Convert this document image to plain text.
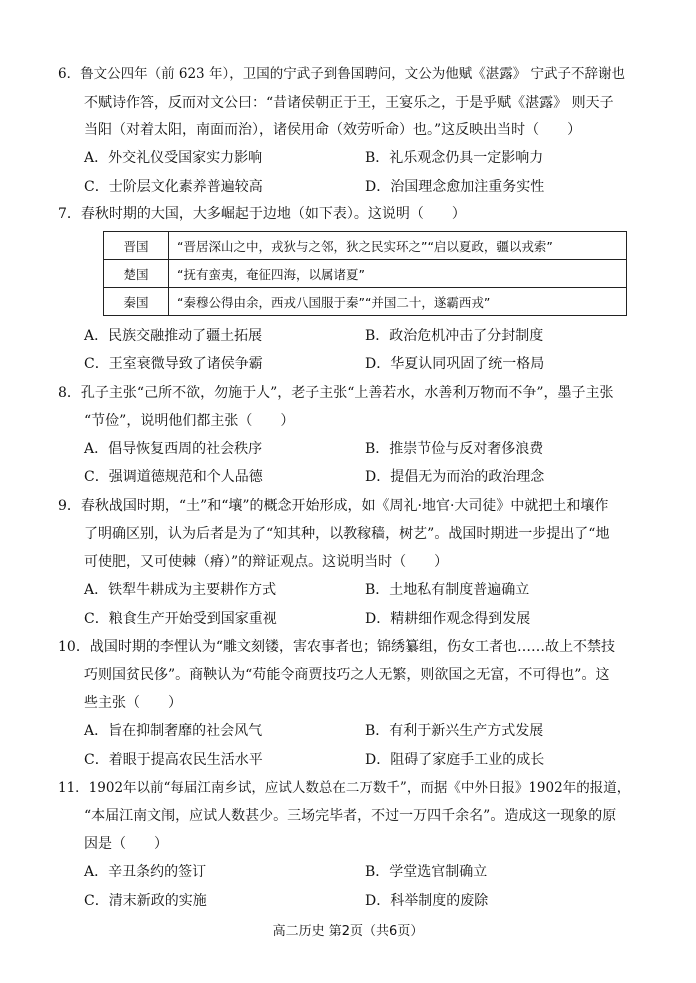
6．鲁文公四年（前 623 年），卫国的宁武子到鲁国聘问，文公为他赋《湛露》 宁武子不辞谢也
不赋诗作答，反而对文公曰：“昔诸侯朝正于王，王宴乐之，于是乎赋《湛露》 则天子
当阳（对着太阳，南面而治），诸侯用命（效劳听命）也。”这反映出当时（　　）
A．外交礼仪受国家实力影响	B．礼乐观念仍具一定影响力
C．士阶层文化素养普遍较高	D．治国理念愈加注重务实性
7．春秋时期的大国，大多崛起于边地（如下表）。这说明（　　）
晋国	“晋居深山之中，戎狄与之邻，狄之民实环之”“启以夏政，疆以戎索”
楚国	“抚有蛮夷，奄征四海，以属诸夏”
秦国	“秦穆公得由余，西戎八国服于秦”“并国二十，遂霸西戎”
A．民族交融推动了疆土拓展	B．政治危机冲击了分封制度
C．王室衰微导致了诸侯争霸	D．华夏认同巩固了统一格局
8．孔子主张“己所不欲，勿施于人”，老子主张“上善若水，水善利万物而不争”，墨子主张
“节俭”，说明他们都主张（　　）
A．倡导恢复西周的社会秩序	B．推崇节俭与反对奢侈浪费
C．强调道德规范和个人品德	D．提倡无为而治的政治理念
9．春秋战国时期，“土”和“壤”的概念开始形成，如《周礼·地官·大司徒》中就把土和壤作
了明确区别，认为后者是为了“知其种，以教稼穑，树艺”。战国时期进一步提出了“地
可使肥，又可使棘（瘠）”的辩证观点。这说明当时（　　）
A．铁犁牛耕成为主要耕作方式	B．土地私有制度普遍确立
C．粮食生产开始受到国家重视	D．精耕细作观念得到发展
10．战国时期的李悝认为“雕文刻镂，害农事者也；锦绣纂组，伤女工者也……故上不禁技
巧则国贫民侈”。商鞅认为“苟能令商贾技巧之人无繁，则欲国之无富，不可得也”。这
些主张（　　）
A．旨在抑制奢靡的社会风气	B．有利于新兴生产方式发展
C．着眼于提高农民生活水平	D．阻碍了家庭手工业的成长
11．1902年以前“每届江南乡试，应试人数总在二万数千”，而据《中外日报》1902年的报道，
“本届江南文闱，应试人数甚少。三场完毕者，不过一万四千余名”。造成这一现象的原
因是（　　）
A．辛丑条约的签订	B．学堂选官制确立
C．清末新政的实施	D．科举制度的废除
高二历史 第2页（共6页）
